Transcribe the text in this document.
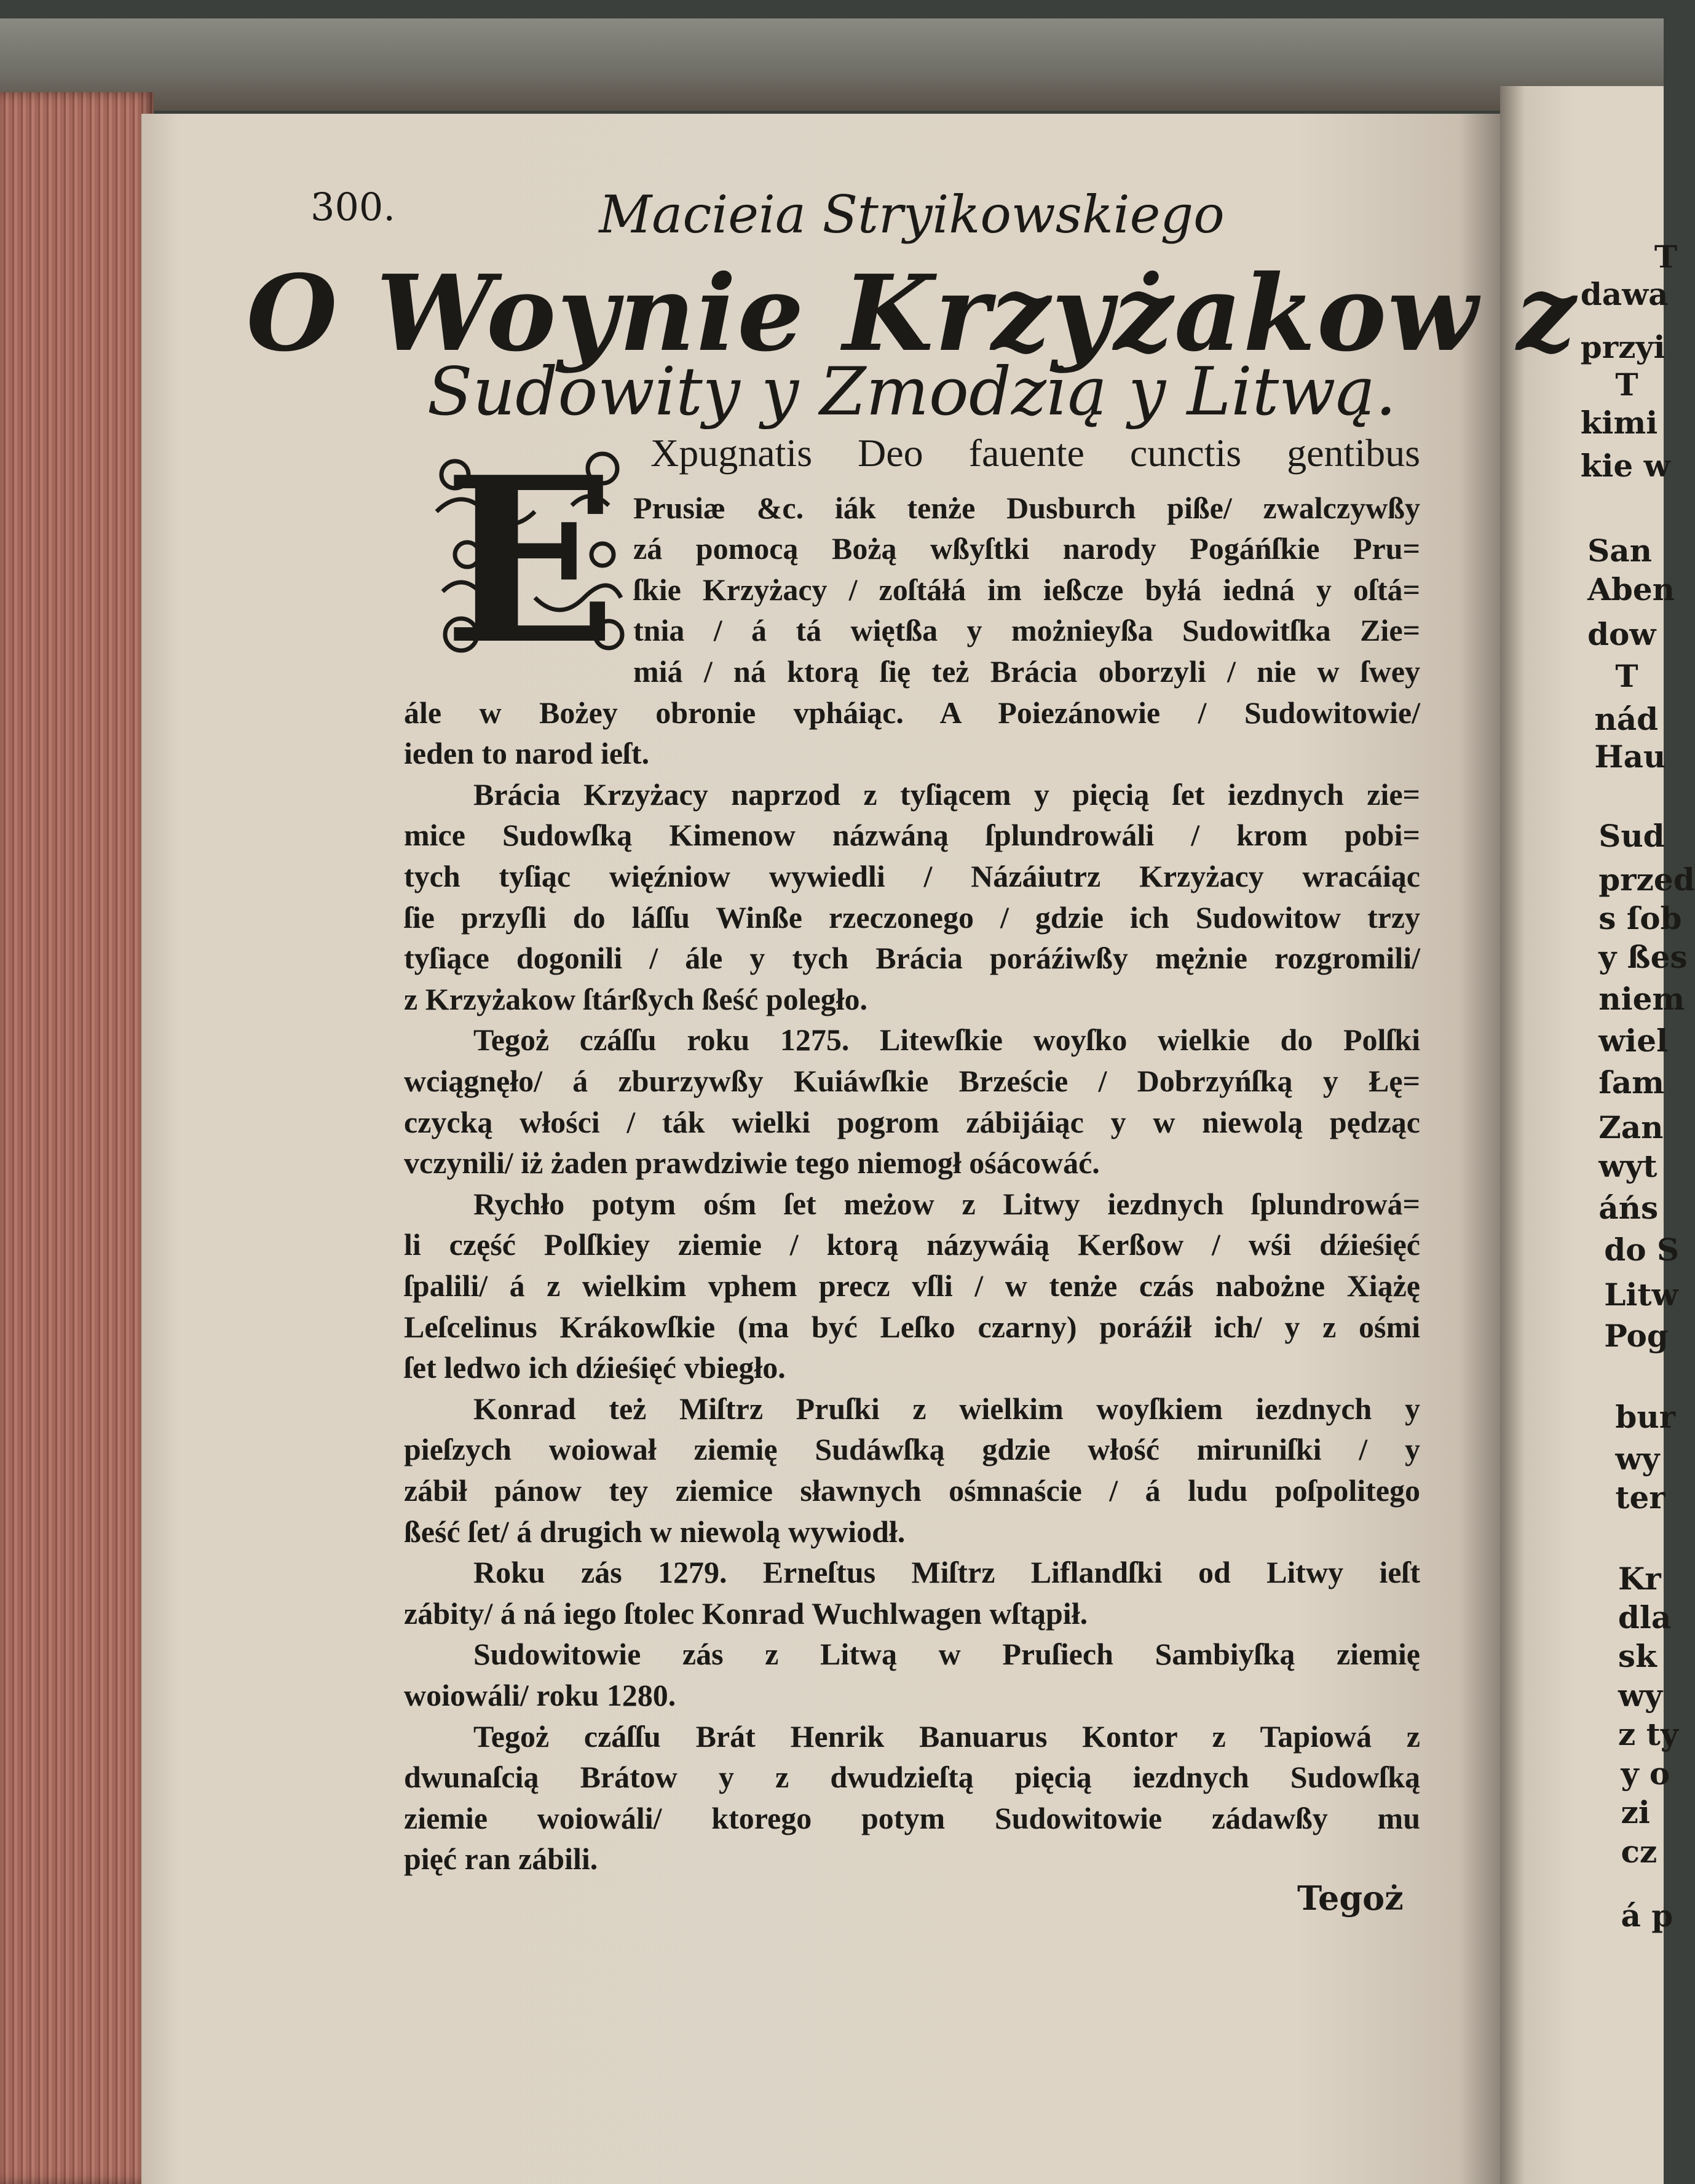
300.	Macieia Stryikowskiego
O Woynie Krzyżakow z
Sudowity y Zmodzią y Litwą.
E Xpugnatis Deo fauente cunctis gentibus
Prusiæ &c. iák tenże Dusburch piße/ zwalczywßy
zá pomocą Bożą wßyſtki narody Pogáńſkie Pru=
ſkie Krzyżacy / zoſtáłá im ießcze byłá iedná y oſtá=
tnia / á tá więtßa y możnieyßa Sudowitſka Zie=
miá / ná ktorą ſię też Brácia oborzyli / nie w ſwey
ále w Bożey obronie vpháiąc. A Poiezánowie / Sudowitowie/
ieden to narod ieſt.
Brácia Krzyżacy naprzod z tyſiącem y pięcią ſet iezdnych zie=
mice Sudowſką Kimenow názwáną ſplundrowáli / krom pobi=
tych tyſiąc więźniow wywiedli / Názáiutrz Krzyżacy wracáiąc
ſie przyſli do láſſu Winße rzeczonego / gdzie ich Sudowitow trzy
tyſiące dogonili / ále y tych Brácia poráźiwßy mężnie rozgromili/
z Krzyżakow ſtárßych ßeść poległo.
Tegoż czáſſu roku 1275. Litewſkie woyſko wielkie do Polſki
wciągnęło/ á zburzywßy Kuiáwſkie Brzeście / Dobrzyńſką y Łę=
czycką włości / ták wielki pogrom zábijáiąc y w niewolą pędząc
vczynili/ iż żaden prawdziwie tego niemogł ośácowáć.
Rychło potym ośm ſet meżow z Litwy iezdnych ſplundrowá=
li część Polſkiey ziemie / ktorą názywáią Kerßow / wśi dźieśięć
ſpalili/ á z wielkim vphem precz vſli / w tenże czás nabożne Xiążę
Leſcelinus Krákowſkie (ma być Leſko czarny) poráźił ich/ y z ośmi
ſet ledwo ich dźieśięć vbiegło.
Konrad też Miſtrz Pruſki z wielkim woyſkiem iezdnych y
pieſzych woiował ziemię Sudáwſką gdzie włość miruniſki / y
zábił pánow tey ziemice sławnych ośmnaście / á ludu poſpolitego
ßeść ſet/ á drugich w niewolą wywiodł.
Roku zás 1279. Erneſtus Miſtrz Liflandſki od Litwy ieſt
zábity/ á ná iego ſtolec Konrad Wuchlwagen wſtąpił.
Sudowitowie zás z Litwą w Pruſiech Sambiyſką ziemię
woiowáli/ roku 1280.
Tegoż czáſſu Brát Henrik Banuarus Kontor z Tapiowá z
dwunaſcią Brátow y z dwudzieſtą pięcią iezdnych Sudowſką
ziemie woiowáli/ ktorego potym Sudowitowie zádawßy mu
pięć ran zábili.
Tegoż
T
dawa
przyi
T
kimi
kie w
San
Aben
dow
T
nád
Hau
Sud
przed
s ſob
y ßes
niem
wiel
ſam
Zan
wyt
áńs
do S
Litw
Pog
bur
wy
ter
Kr
dla
sk
wy
z ty
y o
zi
cz
á p
